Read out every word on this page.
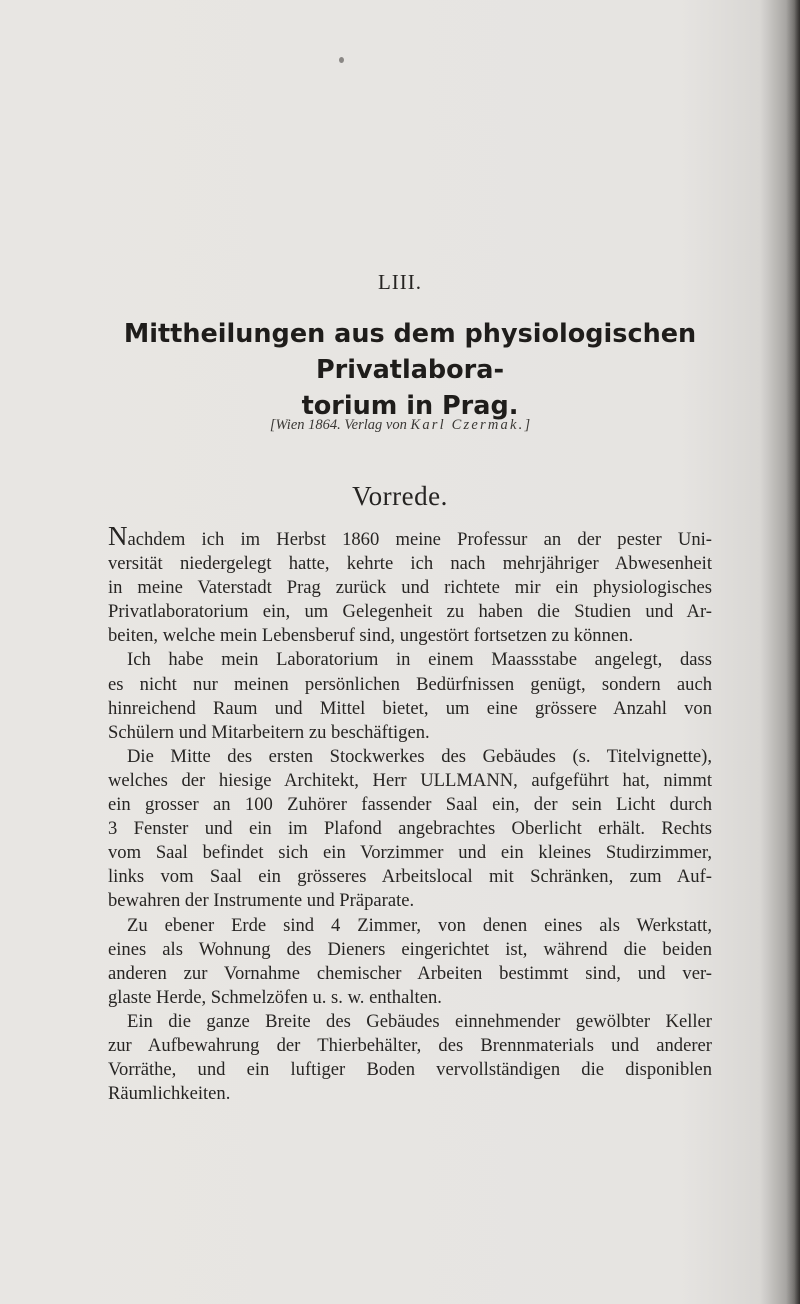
LIII.
Mittheilungen aus dem physiologischen Privatlabora-
torium in Prag.
[Wien 1864. Verlag von Karl Czermak.]
Vorrede.
Nachdem ich im Herbst 1860 meine Professur an der pester Uni-
versität niedergelegt hatte, kehrte ich nach mehrjähriger Abwesenheit
in meine Vaterstadt Prag zurück und richtete mir ein physiologisches
Privatlaboratorium ein, um Gelegenheit zu haben die Studien und Ar-
beiten, welche mein Lebensberuf sind, ungestört fortsetzen zu können.
Ich habe mein Laboratorium in einem Maassstabe angelegt, dass
es nicht nur meinen persönlichen Bedürfnissen genügt, sondern auch
hinreichend Raum und Mittel bietet, um eine grössere Anzahl von
Schülern und Mitarbeitern zu beschäftigen.
Die Mitte des ersten Stockwerkes des Gebäudes (s. Titelvignette),
welches der hiesige Architekt, Herr ULLMANN, aufgeführt hat, nimmt
ein grosser an 100 Zuhörer fassender Saal ein, der sein Licht durch
3 Fenster und ein im Plafond angebrachtes Oberlicht erhält. Rechts
vom Saal befindet sich ein Vorzimmer und ein kleines Studirzimmer,
links vom Saal ein grösseres Arbeitslocal mit Schränken, zum Auf-
bewahren der Instrumente und Präparate.
Zu ebener Erde sind 4 Zimmer, von denen eines als Werkstatt,
eines als Wohnung des Dieners eingerichtet ist, während die beiden
anderen zur Vornahme chemischer Arbeiten bestimmt sind, und ver-
glaste Herde, Schmelzöfen u. s. w. enthalten.
Ein die ganze Breite des Gebäudes einnehmender gewölbter Keller
zur Aufbewahrung der Thierbehälter, des Brennmaterials und anderer
Vorräthe, und ein luftiger Boden vervollständigen die disponiblen
Räumlichkeiten.
